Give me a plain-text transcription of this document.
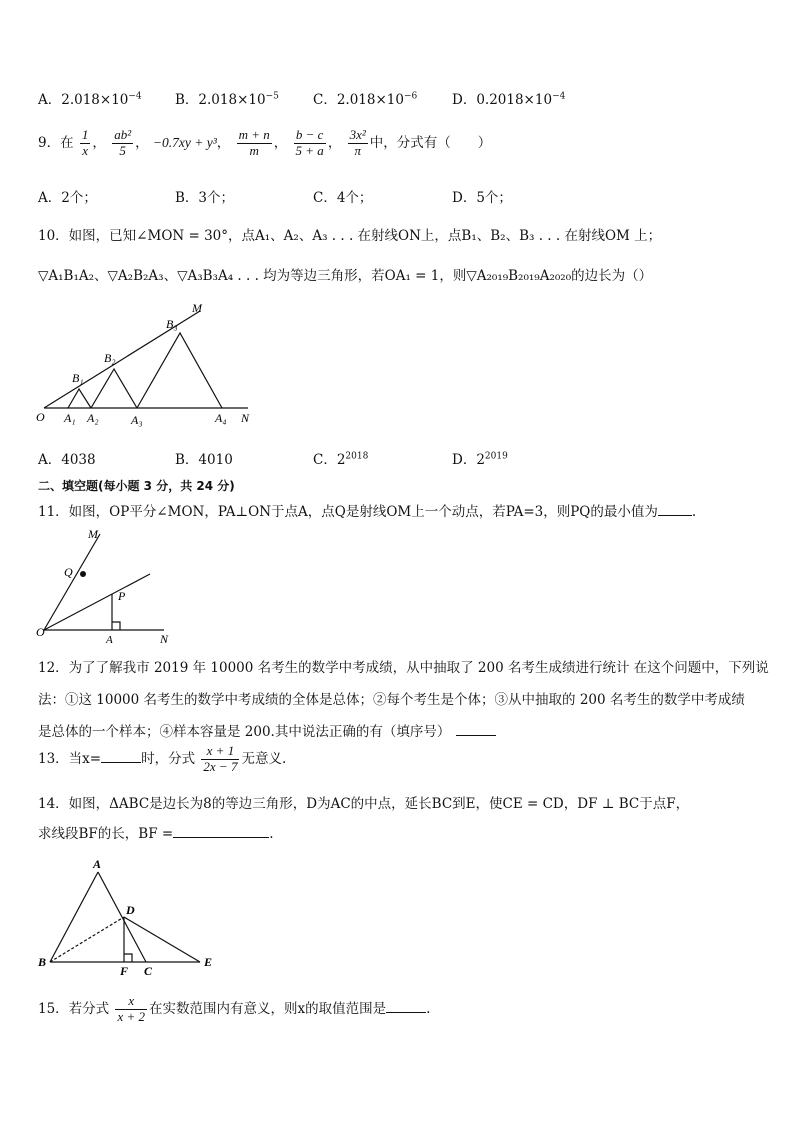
A．$2.018\times 10^{-4}$ B．$2.018\times 10^{-5}$	C．$2.018\times 10^{-6}$	D．$0.2018\times 10^{-4}$
9．在 $\frac{1}{x}$ ， $\frac{\text{ab²}}{5}$ ， −0.7xy + y³， $\frac{m + n}{m}$ ， $\frac{b - c}{5 + a}$ ， $\frac{\text{3x²}}{\pi}$ 中，分式有（　　）
A．2个；	B．3个；	C．4个；	D．5个；
10．如图，已知∠MON = 30°，点A₁、A₂、A₃ . . . 在射线ON上，点B₁、B₂、B₃ . . . 在射线OM 上；
▽A₁B₁A₂、▽A₂B₂A₃、▽A₃B₃A₄ . . . 均为等边三角形，若OA₁ = 1，则▽A₂₀₁₉B₂₀₁₉A₂₀₂₀的边长为（）
M
B₃
B₂
B₁
O A₁ A₂	A₃	A₄ N
A．4038	B．4010	C．$2^{2018}$	D．$2^{2019}$
二、填空题(每小题 3 分，共 24 分)
11．如图，OP平分∠MON，PA⊥ON于点A，点Q是射线OM上一个动点，若PA=3，则PQ的最小值为	.
M
Q
P
O
A	N
12．为了了解我市 2019 年 10000 名考生的数学中考成绩，从中抽取了 200 名考生成绩进行统计 在这个问题中，下列说
法：①这 10000 名考生的数学中考成绩的全体是总体；②每个考生是个体；③从中抽取的 200 名考生的数学中考成绩
是总体的一个样本；④样本容量是 200.其中说法正确的有（填序号）
13．当x=	时，分式 $\frac{x + 1}{2x - 7}$ 无意义.
14．如图，ΔABC是边长为8的等边三角形，D为AC的中点，延长BC到E，使CE = CD，DF ⊥ BC于点F，
求线段BF的长，BF =	.
A
D
B
F C
E
15．若分式 $\frac{x}{x + 2}$ 在实数范围内有意义，则x的取值范围是	.
